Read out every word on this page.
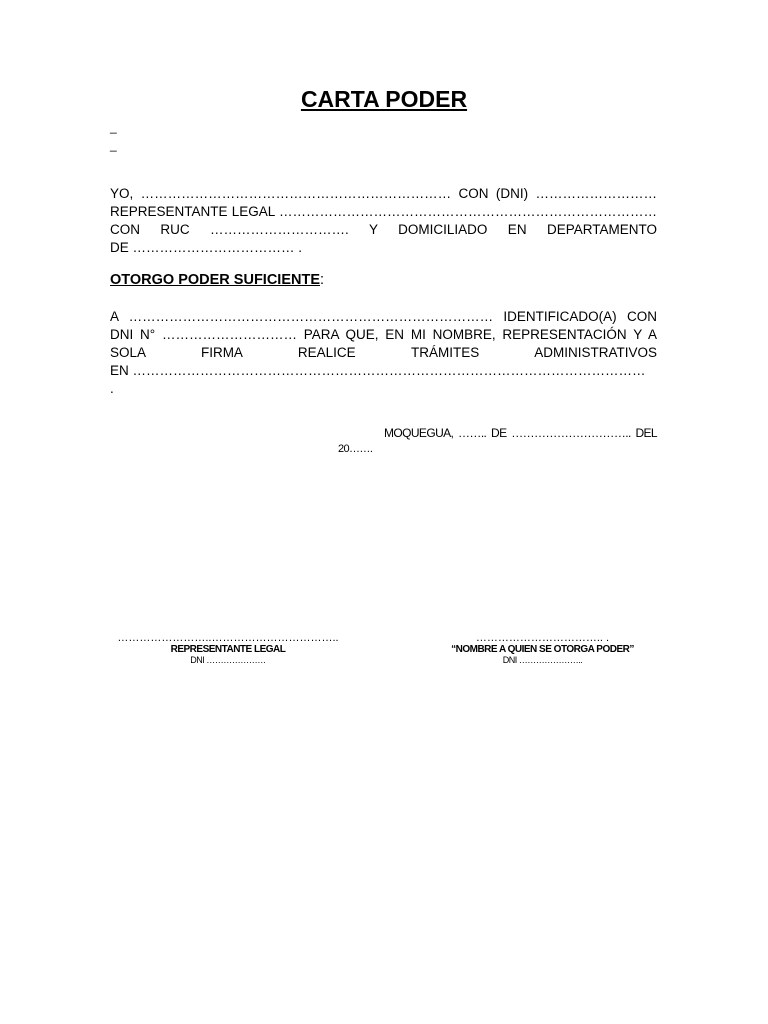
CARTA PODER
_
_
YO, …………………………………………………………… CON (DNI) ………………………
REPRESENTANTE LEGAL …………………………………………………………………………
CON RUC …………………………. Y DOMICILIADO EN DEPARTAMENTO
DE ……………………………… .
OTORGO PODER SUFICIENTE:
A ……………………………………………………………………… IDENTIFICADO(A) CON
DNI N° ………………………… PARA QUE, EN MI NOMBRE, REPRESENTACIÓN Y A
SOLA FIRMA REALICE TRÁMITES ADMINISTRATIVOS
EN ……………………………………………………………………………………………………
.
MOQUEGUA, …….. DE ………………………….. DEL
20…….
……………………..……………………………..
REPRESENTANTE LEGAL
DNI …………………
…………………………….. .
“NOMBRE A QUIEN SE OTORGA PODER”
DNI …………………..
